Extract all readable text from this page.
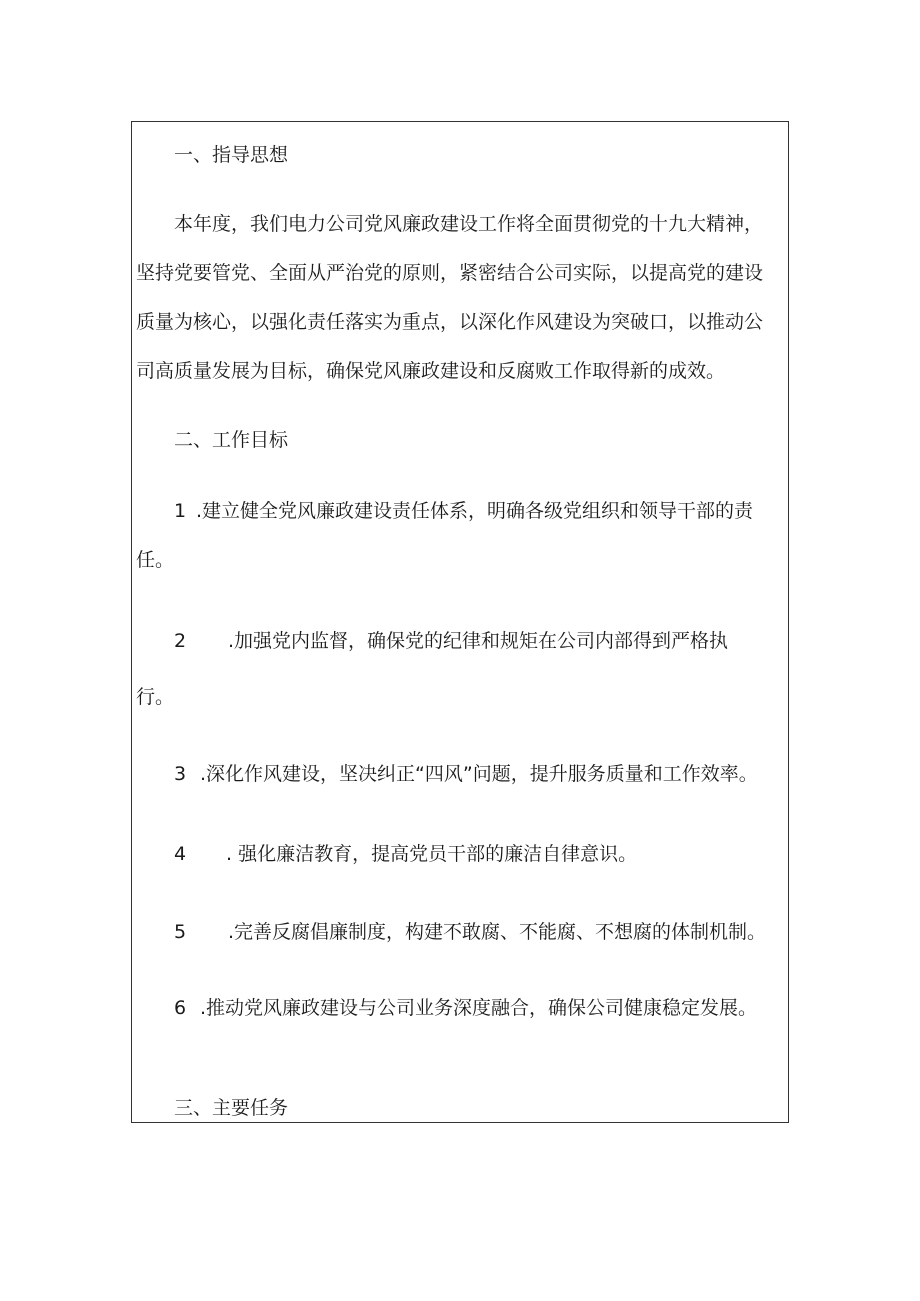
一、指导思想
本年度，我们电力公司党风廉政建设工作将全面贯彻党的十九大精神，
坚持党要管党、全面从严治党的原则，紧密结合公司实际，以提高党的建设
质量为核心，以强化责任落实为重点，以深化作风建设为突破口，以推动公
司高质量发展为目标，确保党风廉政建设和反腐败工作取得新的成效。
二、工作目标
1 .建立健全党风廉政建设责任体系，明确各级党组织和领导干部的责
任。
2 .加强党内监督，确保党的纪律和规矩在公司内部得到严格执
行。
3 .深化作风建设，坚决纠正“四风”问题，提升服务质量和工作效率。
4 . 强化廉洁教育，提高党员干部的廉洁自律意识。
5 .完善反腐倡廉制度，构建不敢腐、不能腐、不想腐的体制机制。
6 .推动党风廉政建设与公司业务深度融合，确保公司健康稳定发展。
三、主要任务
